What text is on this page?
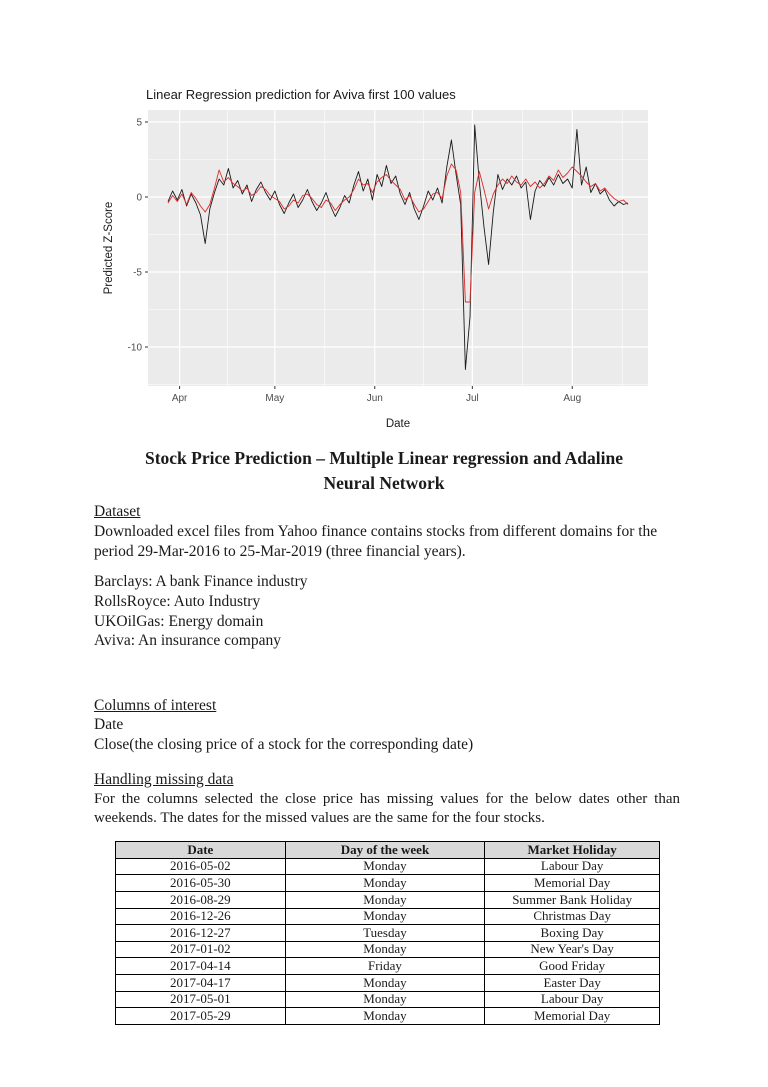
5
0
-5
-10
Apr	May	Jun	Jul	Aug
Linear Regression prediction for Aviva first 100 values
Date
Predicted Z-Score
Stock Price Prediction – Multiple Linear regression and Adaline
Neural Network

Dataset

Downloaded excel files from Yahoo finance contains stocks from different domains for the period 29-Mar-2016 to 25-Mar-2019 (three financial years).

Barclays: A bank Finance industry
RollsRoyce: Auto Industry
UKOilGas: Energy domain
Aviva: An insurance company

Columns of interest

Date

Close(the closing price of a stock for the corresponding date)

Handling missing data

For the columns selected the close price has missing values for the below dates other than weekends. The dates for the missed values are the same for the four stocks.

Date	Day of the week	Market Holiday
2016-05-02	Monday	Labour Day
2016-05-30	Monday	Memorial Day
2016-08-29	Monday	Summer Bank Holiday
2016-12-26	Monday	Christmas Day
2016-12-27	Tuesday	Boxing Day
2017-01-02	Monday	New Year's Day
2017-04-14	Friday	Good Friday
2017-04-17	Monday	Easter Day
2017-05-01	Monday	Labour Day
2017-05-29	Monday	Memorial Day
